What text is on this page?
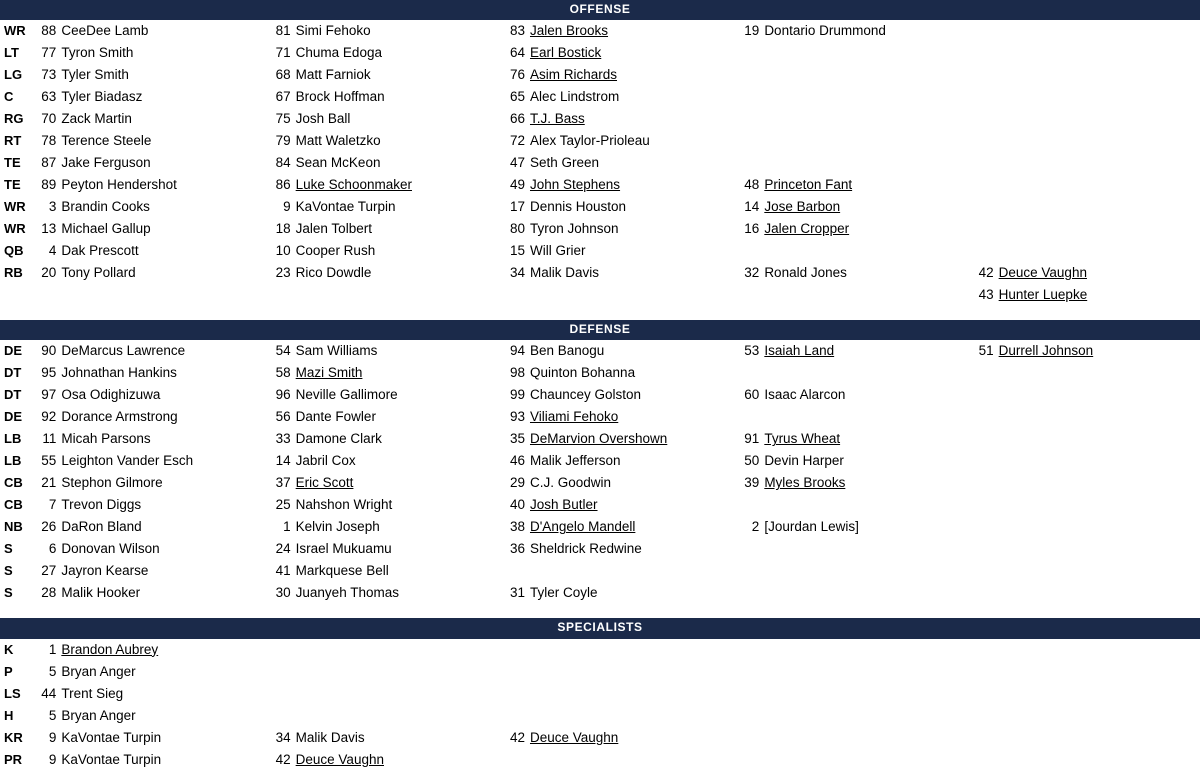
OFFENSE
WR	88 CeeDee Lamb	81 Simi Fehoko	83 Jalen Brooks	19 Dontario Drummond	
LT	77 Tyron Smith	71 Chuma Edoga	64 Earl Bostick		
LG	73 Tyler Smith	68 Matt Farniok	76 Asim Richards		
C	63 Tyler Biadasz	67 Brock Hoffman	65 Alec Lindstrom		
RG	70 Zack Martin	75 Josh Ball	66 T.J. Bass		
RT	78 Terence Steele	79 Matt Waletzko	72 Alex Taylor-Prioleau		
TE	87 Jake Ferguson	84 Sean McKeon	47 Seth Green		
TE	89 Peyton Hendershot	86 Luke Schoonmaker	49 John Stephens	48 Princeton Fant	
WR	3 Brandin Cooks	9 KaVontae Turpin	17 Dennis Houston	14 Jose Barbon	
WR	13 Michael Gallup	18 Jalen Tolbert	80 Tyron Johnson	16 Jalen Cropper	
QB	4 Dak Prescott	10 Cooper Rush	15 Will Grier		
RB	20 Tony Pollard	23 Rico Dowdle	34 Malik Davis	32 Ronald Jones	42 Deuce Vaughn
					43 Hunter Luepke
DEFENSE
DE	90 DeMarcus Lawrence	54 Sam Williams	94 Ben Banogu	53 Isaiah Land	51 Durrell Johnson
DT	95 Johnathan Hankins	58 Mazi Smith	98 Quinton Bohanna		
DT	97 Osa Odighizuwa	96 Neville Gallimore	99 Chauncey Golston	60 Isaac Alarcon	
DE	92 Dorance Armstrong	56 Dante Fowler	93 Viliami Fehoko		
LB	11 Micah Parsons	33 Damone Clark	35 DeMarvion Overshown	91 Tyrus Wheat	
LB	55 Leighton Vander Esch	14 Jabril Cox	46 Malik Jefferson	50 Devin Harper	
CB	21 Stephon Gilmore	37 Eric Scott	29 C.J. Goodwin	39 Myles Brooks	
CB	7 Trevon Diggs	25 Nahshon Wright	40 Josh Butler		
NB	26 DaRon Bland	1 Kelvin Joseph	38 D'Angelo Mandell	2 [Jourdan Lewis]	
S	6 Donovan Wilson	24 Israel Mukuamu	36 Sheldrick Redwine		
S	27 Jayron Kearse	41 Markquese Bell			
S	28 Malik Hooker	30 Juanyeh Thomas	31 Tyler Coyle		
SPECIALISTS
K	1 Brandon Aubrey				
P	5 Bryan Anger				
LS	44 Trent Sieg				
H	5 Bryan Anger				
KR	9 KaVontae Turpin	34 Malik Davis	42 Deuce Vaughn		
PR	9 KaVontae Turpin	42 Deuce Vaughn			
